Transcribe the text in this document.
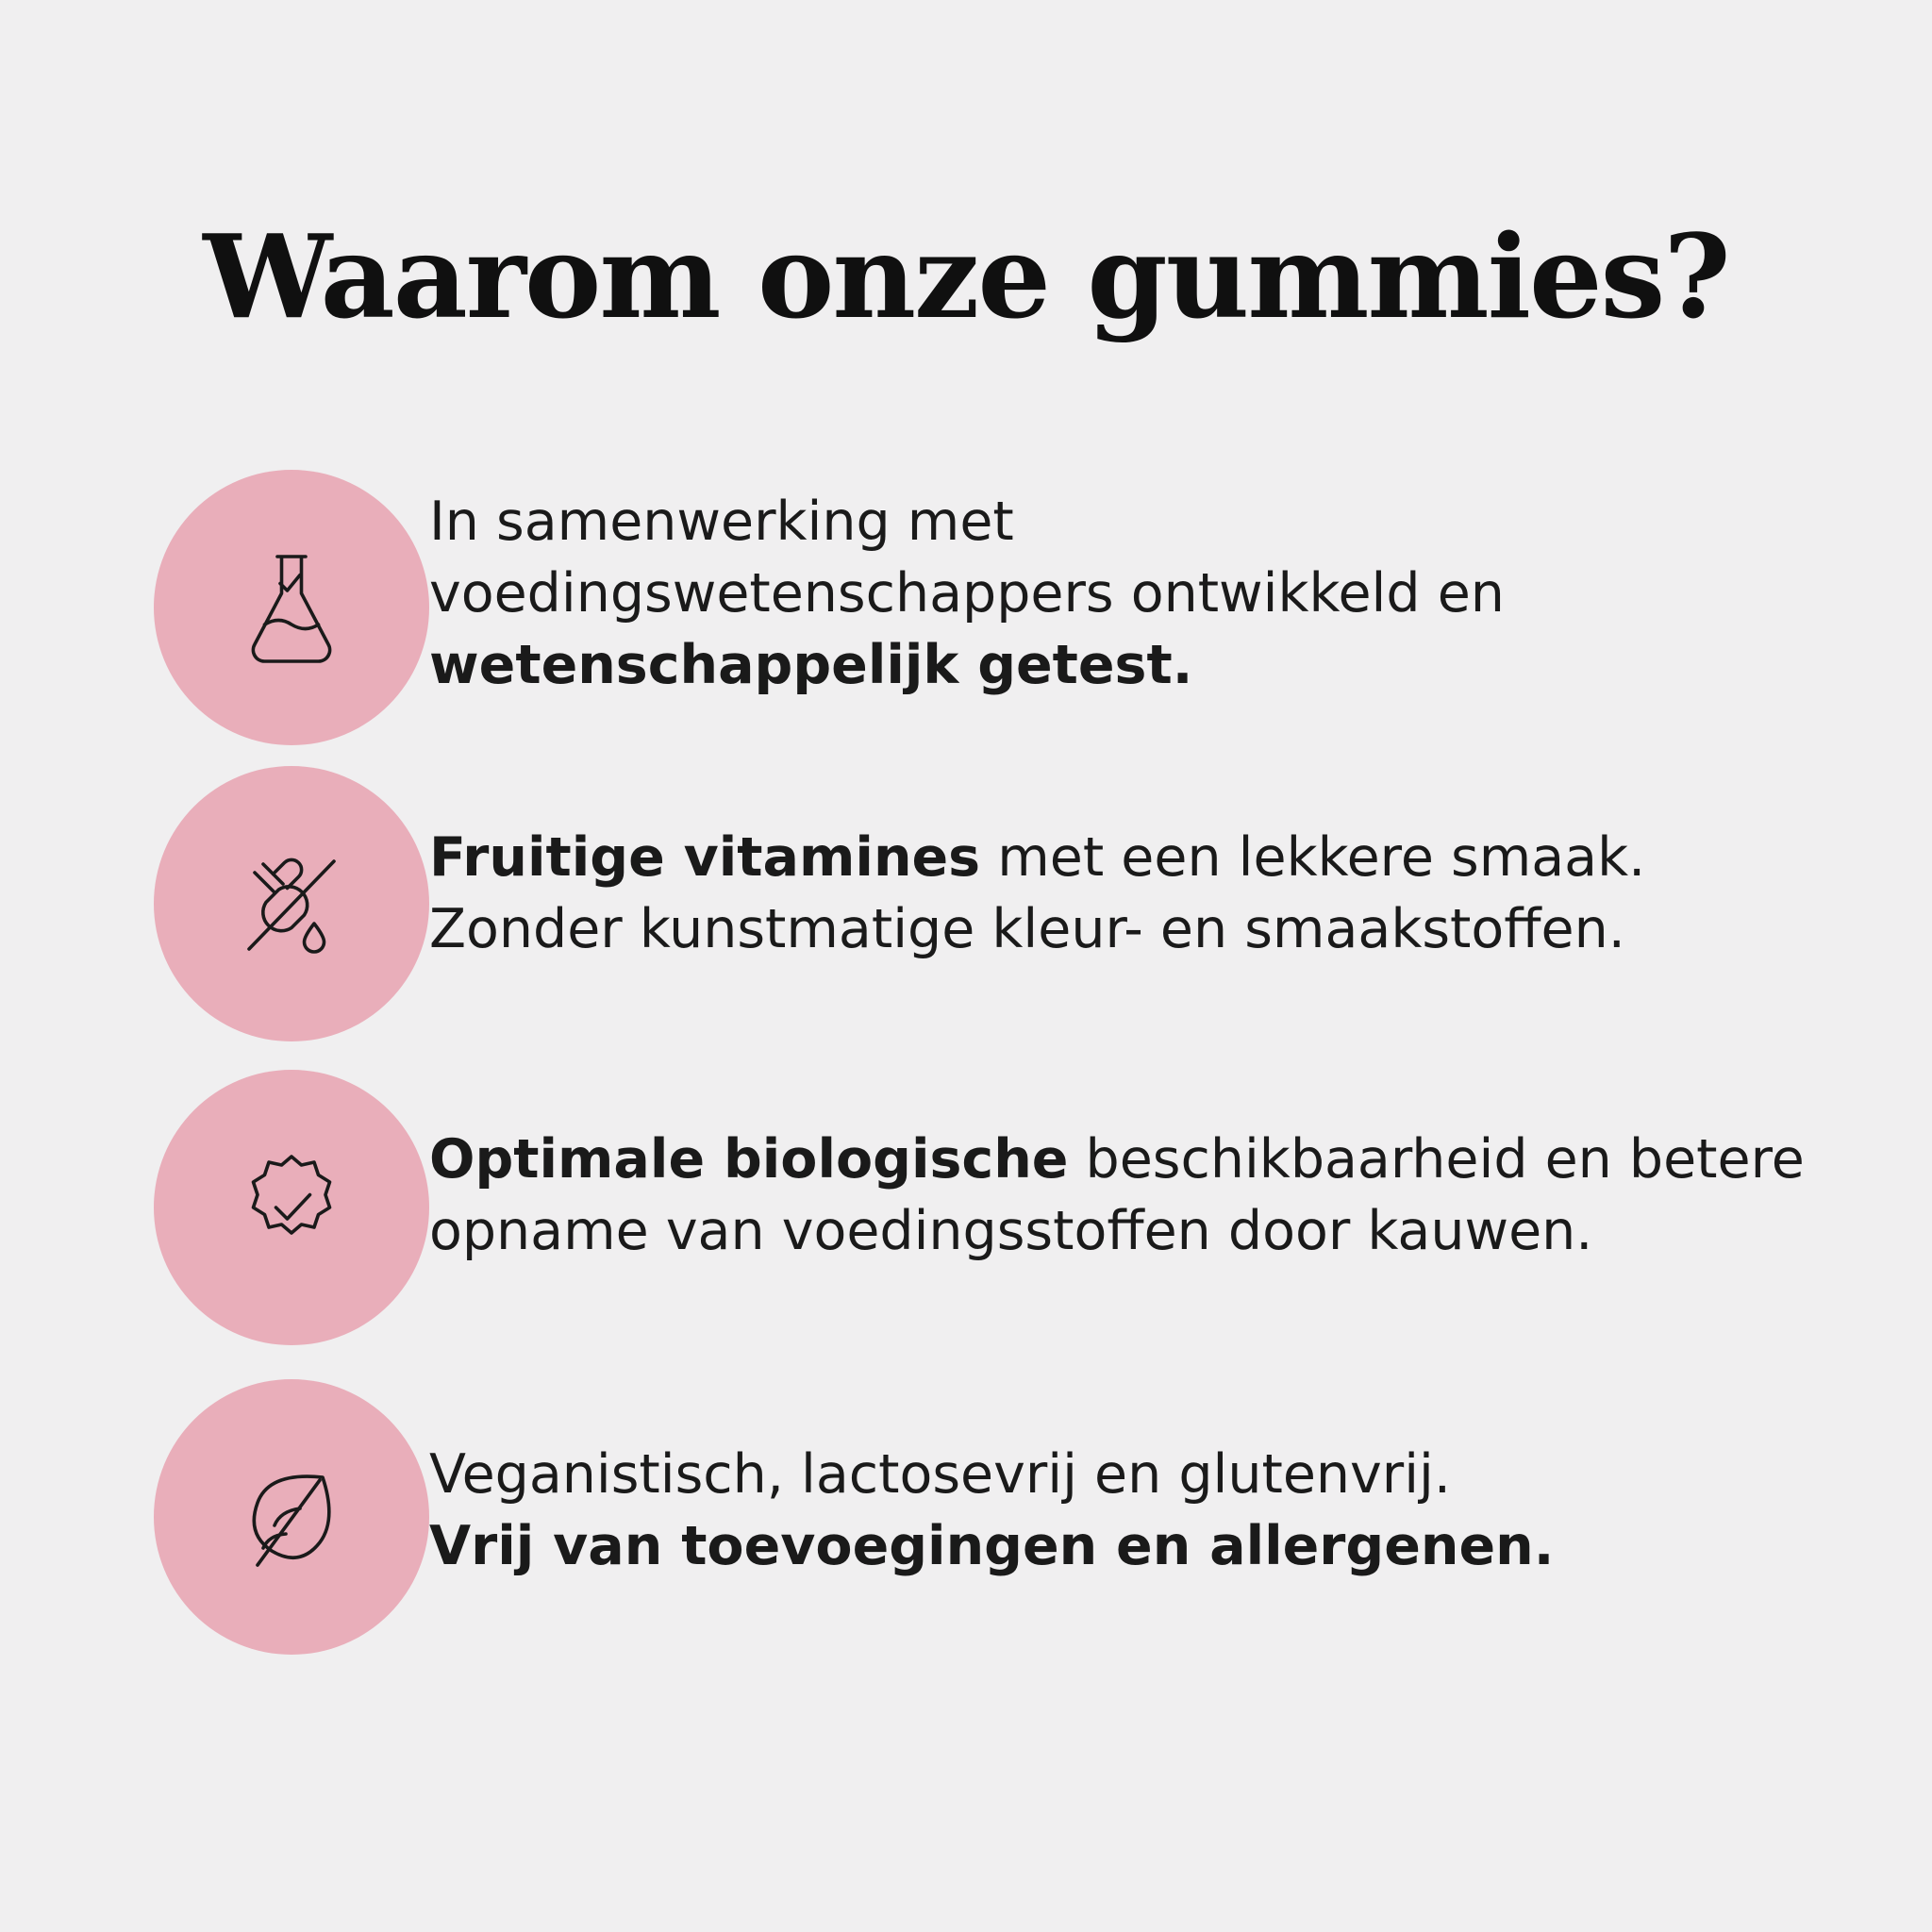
Waarom onze gummies?
In samenwerking met
voedingswetenschappers ontwikkeld en
wetenschappelijk getest.
Fruitige vitamines met een lekkere smaak.
Zonder kunstmatige kleur- en smaakstoffen.
Optimale biologische beschikbaarheid en betere
opname van voedingsstoffen door kauwen.
Veganistisch, lactosevrij en glutenvrij.
Vrij van toevoegingen en allergenen.
